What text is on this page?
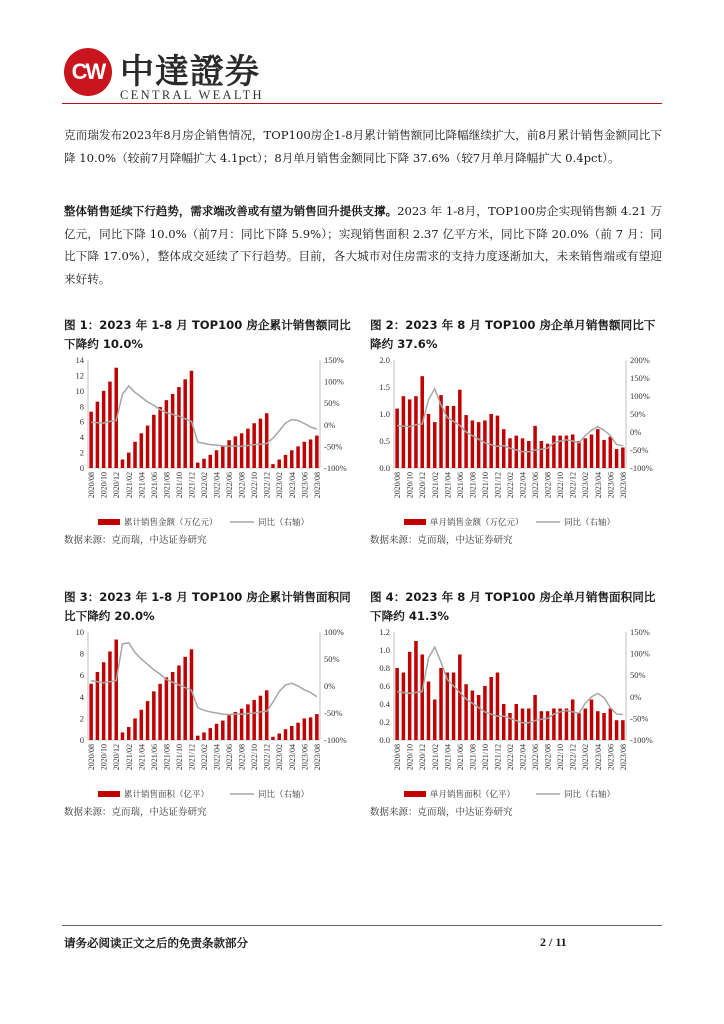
CW 中達證券
CENTRAL WEALTH
克而瑞发布2023年8月房企销售情况，TOP100房企1-8月累计销售额同比降幅继续扩大，前8月累计销售金额同比下降 10.0%（较前7月降幅扩大 4.1pct）；8月单月销售金额同比下降 37.6%（较7月单月降幅扩大 0.4pct）。
整体销售延续下行趋势，需求端改善或有望为销售回升提供支撑。2023 年 1-8月，TOP100房企实现销售额 4.21 万亿元，同比下降 10.0%（前7月：同比下降 5.9%）；实现销售面积 2.37 亿平方米，同比下降 20.0%（前 7 月：同比下降 17.0%），整体成交延续了下行趋势。目前，各大城市对住房需求的支持力度逐渐加大，未来销售端或有望迎来好转。
图 1：2023 年 1-8 月 TOP100 房企累计销售额同比下降约 10.0%
图 2：2023 年 8 月 TOP100 房企单月销售额同比下降约 37.6%
0
2
4
6
8
10
12
14
-100%
-50%
0%
50%
100%
150%
2020/08 2020/10 2020/12 2021/02 2021/04 2021/06 2021/08 2021/10 2021/12 2022/02 2022/04 2022/06 2022/08 2022/10 2022/12 2023/02 2023/04 2023/06 2023/08
累计销售金额（万亿元）	同比（右轴）
0.0
0.5
1.0
1.5
2.0
-100%
-50%
0%
50%
100%
150%
200%
2020/08 2020/10 2020/12 2021/02 2021/04 2021/06 2021/08 2021/10 2021/12 2022/02 2022/04 2022/06 2022/08 2022/10 2022/12 2023/02 2023/04 2023/06 2023/08
单月销售金额（万亿元）	同比（右轴）
数据来源：克而瑞，中达证券研究	数据来源：克而瑞，中达证券研究
图 3：2023 年 1-8 月 TOP100 房企累计销售面积同比下降约 20.0%
图 4：2023 年 8 月 TOP100 房企单月销售面积同比下降约 41.3%
0
2
4
6
8
10
-100%
-50%
0%
50%
100%
2020/08 2020/10 2020/12 2021/02 2021/04 2021/06 2021/08 2021/10 2021/12 2022/02 2022/04 2022/06 2022/08 2022/10 2022/12 2023/02 2023/04 2023/06 2023/08
累计销售面积（亿平）	同比（右轴）
0.0
0.2
0.4
0.6
0.8
1.0
1.2
-100%
-50%
0%
50%
100%
150%
2020/08 2020/10 2020/12 2021/02 2021/04 2021/06 2021/08 2021/10 2021/12 2022/02 2022/04 2022/06 2022/08 2022/10 2022/12 2023/02 2023/04 2023/06 2023/08
单月销售面积（亿平）	同比（右轴）
数据来源：克而瑞，中达证券研究	数据来源：克而瑞，中达证券研究
请务必阅读正文之后的免责条款部分	2 / 11
